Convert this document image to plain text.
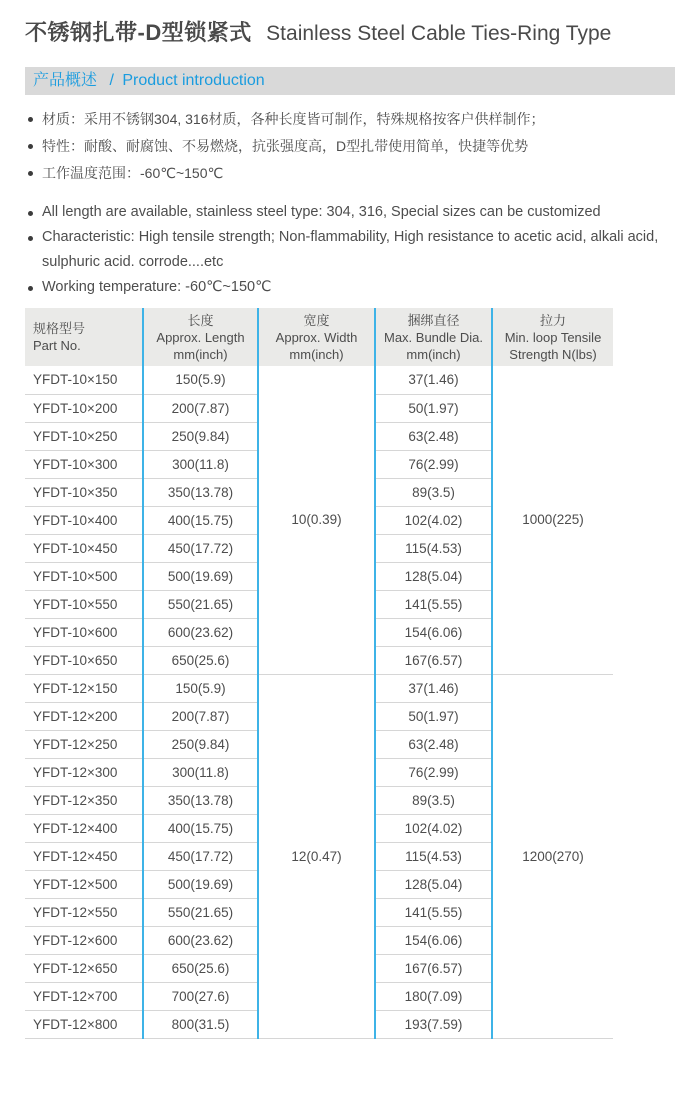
不锈钢扎带-D型锁紧式 Stainless Steel Cable Ties-Ring Type
产品概述 / Product introduction
材质：采用不锈钢304, 316材质，各种长度皆可制作，特殊规格按客户供样制作；
特性：耐酸、耐腐蚀、不易燃烧，抗张强度高，D型扎带使用简单，快捷等优势
工作温度范围：-60℃~150℃
All length are available, stainless steel type: 304, 316, Special sizes can be customized
Characteristic: High tensile strength; Non-flammability, High resistance to acetic acid, alkali acid, sulphuric acid. corrode....etc
Working temperature: -60℃~150℃
规格型号
Part No.

长度
Approx. Length
mm(inch)

宽度
Approx. Width
mm(inch)

捆绑直径
Max. Bundle Dia.
mm(inch)

拉力
Min. loop Tensile
Strength N(lbs)

YFDT-10×150	150(5.9)	10(0.39)	37(1.46)	1000(225)
YFDT-10×200	200(7.87)		50(1.97)	
YFDT-10×250	250(9.84)		63(2.48)	
YFDT-10×300	300(11.8)		76(2.99)	
YFDT-10×350	350(13.78)		89(3.5)	
YFDT-10×400	400(15.75)		102(4.02)	
YFDT-10×450	450(17.72)		115(4.53)	
YFDT-10×500	500(19.69)		128(5.04)	
YFDT-10×550	550(21.65)		141(5.55)	
YFDT-10×600	600(23.62)		154(6.06)	
YFDT-10×650	650(25.6)		167(6.57)	
YFDT-12×150	150(5.9)	12(0.47)	37(1.46)	1200(270)
YFDT-12×200	200(7.87)		50(1.97)	
YFDT-12×250	250(9.84)		63(2.48)	
YFDT-12×300	300(11.8)		76(2.99)	
YFDT-12×350	350(13.78)		89(3.5)	
YFDT-12×400	400(15.75)		102(4.02)	
YFDT-12×450	450(17.72)		115(4.53)	
YFDT-12×500	500(19.69)		128(5.04)	
YFDT-12×550	550(21.65)		141(5.55)	
YFDT-12×600	600(23.62)		154(6.06)	
YFDT-12×650	650(25.6)		167(6.57)	
YFDT-12×700	700(27.6)		180(7.09)	
YFDT-12×800	800(31.5)		193(7.59)	
